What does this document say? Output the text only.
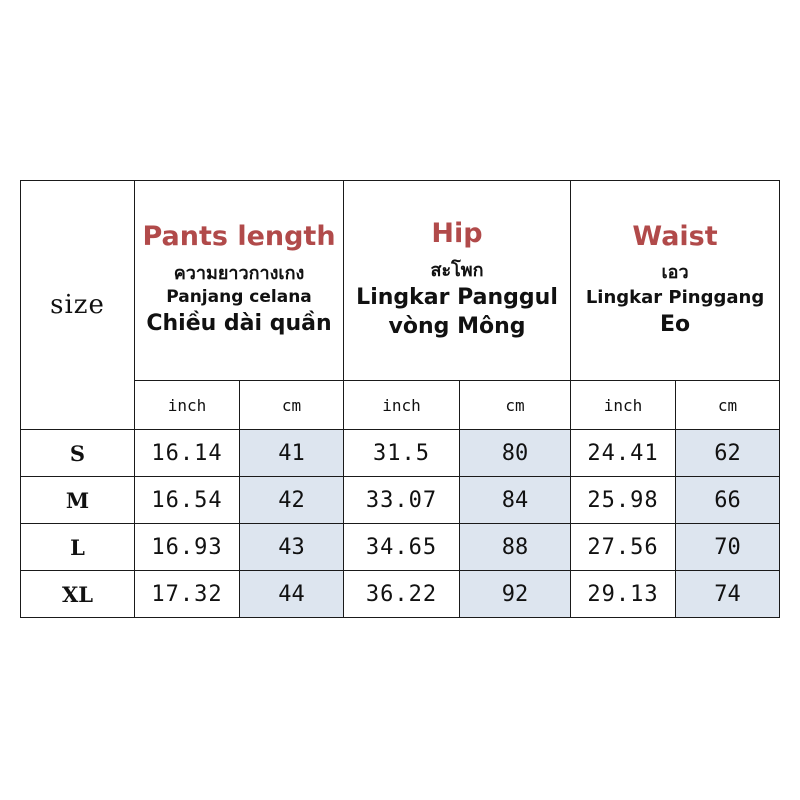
size	Pants length
ความยาวกางเกง
Panjang celana
Chiều dài quần		Hip
สะโพก
Lingkar Panggul
vòng Mông		Waist
เอว
Lingkar Pinggang
Eo	

	inch	cm	inch	cm	inch	cm
S	16.14	41	31.5	80	24.41	62
M	16.54	42	33.07	84	25.98	66
L	16.93	43	34.65	88	27.56	70
XL	17.32	44	36.22	92	29.13	74
